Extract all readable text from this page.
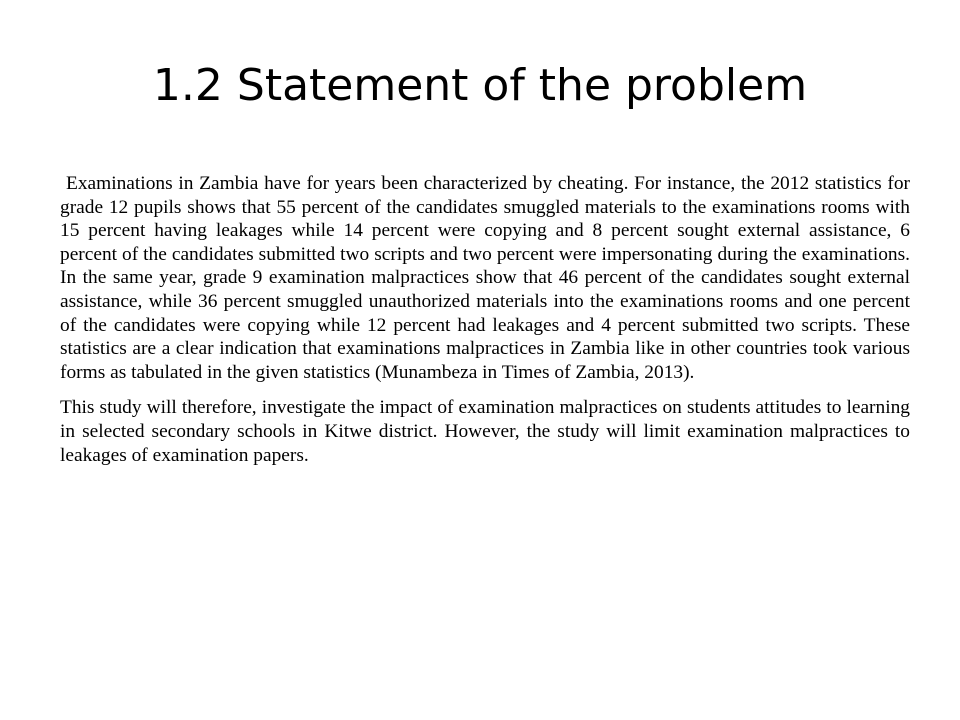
1.2 Statement of the problem

Examinations in Zambia have for years been characterized by cheating. For instance, the 2012 statistics for grade 12 pupils shows that 55 percent of the candidates smuggled materials to the examinations rooms with 15 percent having leakages while 14 percent were copying and 8 percent sought external assistance, 6 percent of the candidates submitted two scripts and two percent were impersonating during the examinations. In the same year, grade 9 examination malpractices show that 46 percent of the candidates sought external assistance, while 36 percent smuggled unauthorized materials into the examinations rooms and one percent of the candidates were copying while 12 percent had leakages and 4 percent submitted two scripts. These statistics are a clear indication that examinations malpractices in Zambia like in other countries took various forms as tabulated in the given statistics (Munambeza in Times of Zambia, 2013).

This study will therefore, investigate the impact of examination malpractices on students attitudes to learning in selected secondary schools in Kitwe district. However, the study will limit examination malpractices to leakages of examination papers.
